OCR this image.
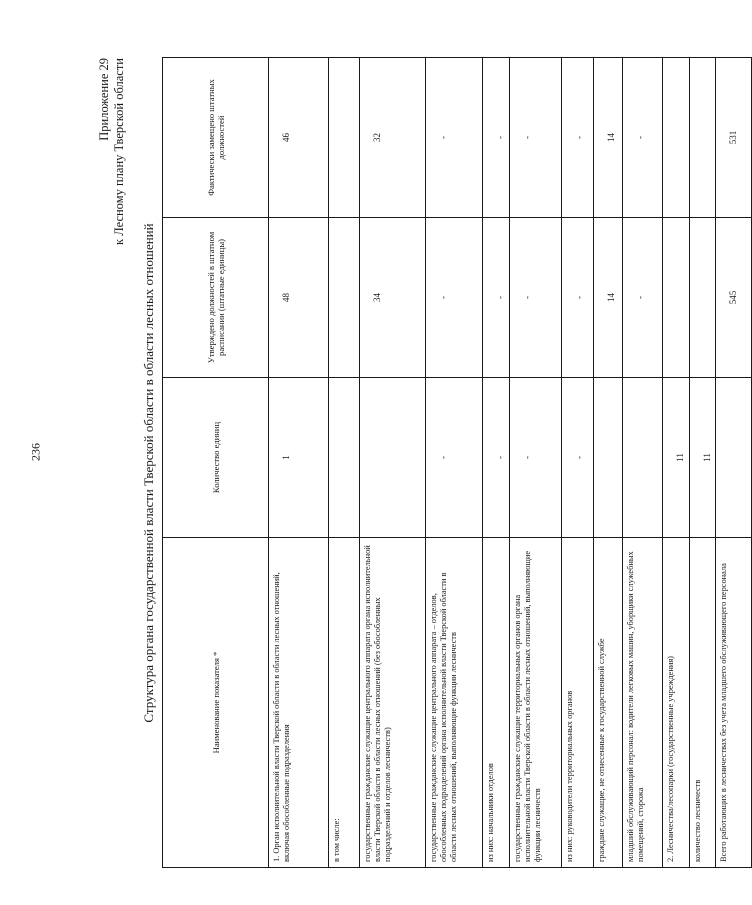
236
Приложение 29 к Лесному плану Тверской области
Структура органа государственной власти Тверской области в области лесных отношений	Наименование показателя *	Количество единиц	Утверждено должностей в штатном расписании (штатные единицы)	Фактически замещено штатных должностей
1. Орган исполнительной власти Тверской области в области лесных отношений, включая обособленные подразделения	1	48	46
в том числе:			
государственные гражданские служащие центрального аппарата органа исполнительной власти Тверской области в области лесных отношений (без обособленных подразделений и отделов лесничеств)		34	32
государственные гражданские служащие центрального аппарата – отделов, обособленных подразделений органа исполнительной власти Тверской области в области лесных отношений, выполняющие функции лесничеств	-	-	-
из них: начальники отделов	-	-	-
государственные гражданские служащие территориальных органов органа исполнительной власти Тверской области в области лесных отношений, выполняющие функции лесничеств	-	-	-
из них: руководители территориальных органов	-	-	-
граждане служащие, не отнесенные к государственной службе		14	14
младший обслуживающий персонал: водители легковых машин, уборщики служебных помещений, сторожа		-	-
2. Лесничества/лесопарки (государственные учреждения)	11		
количество лесничеств	11		
Всего работающих в лесничествах без учета младшего обслуживающего персонала		545	531
